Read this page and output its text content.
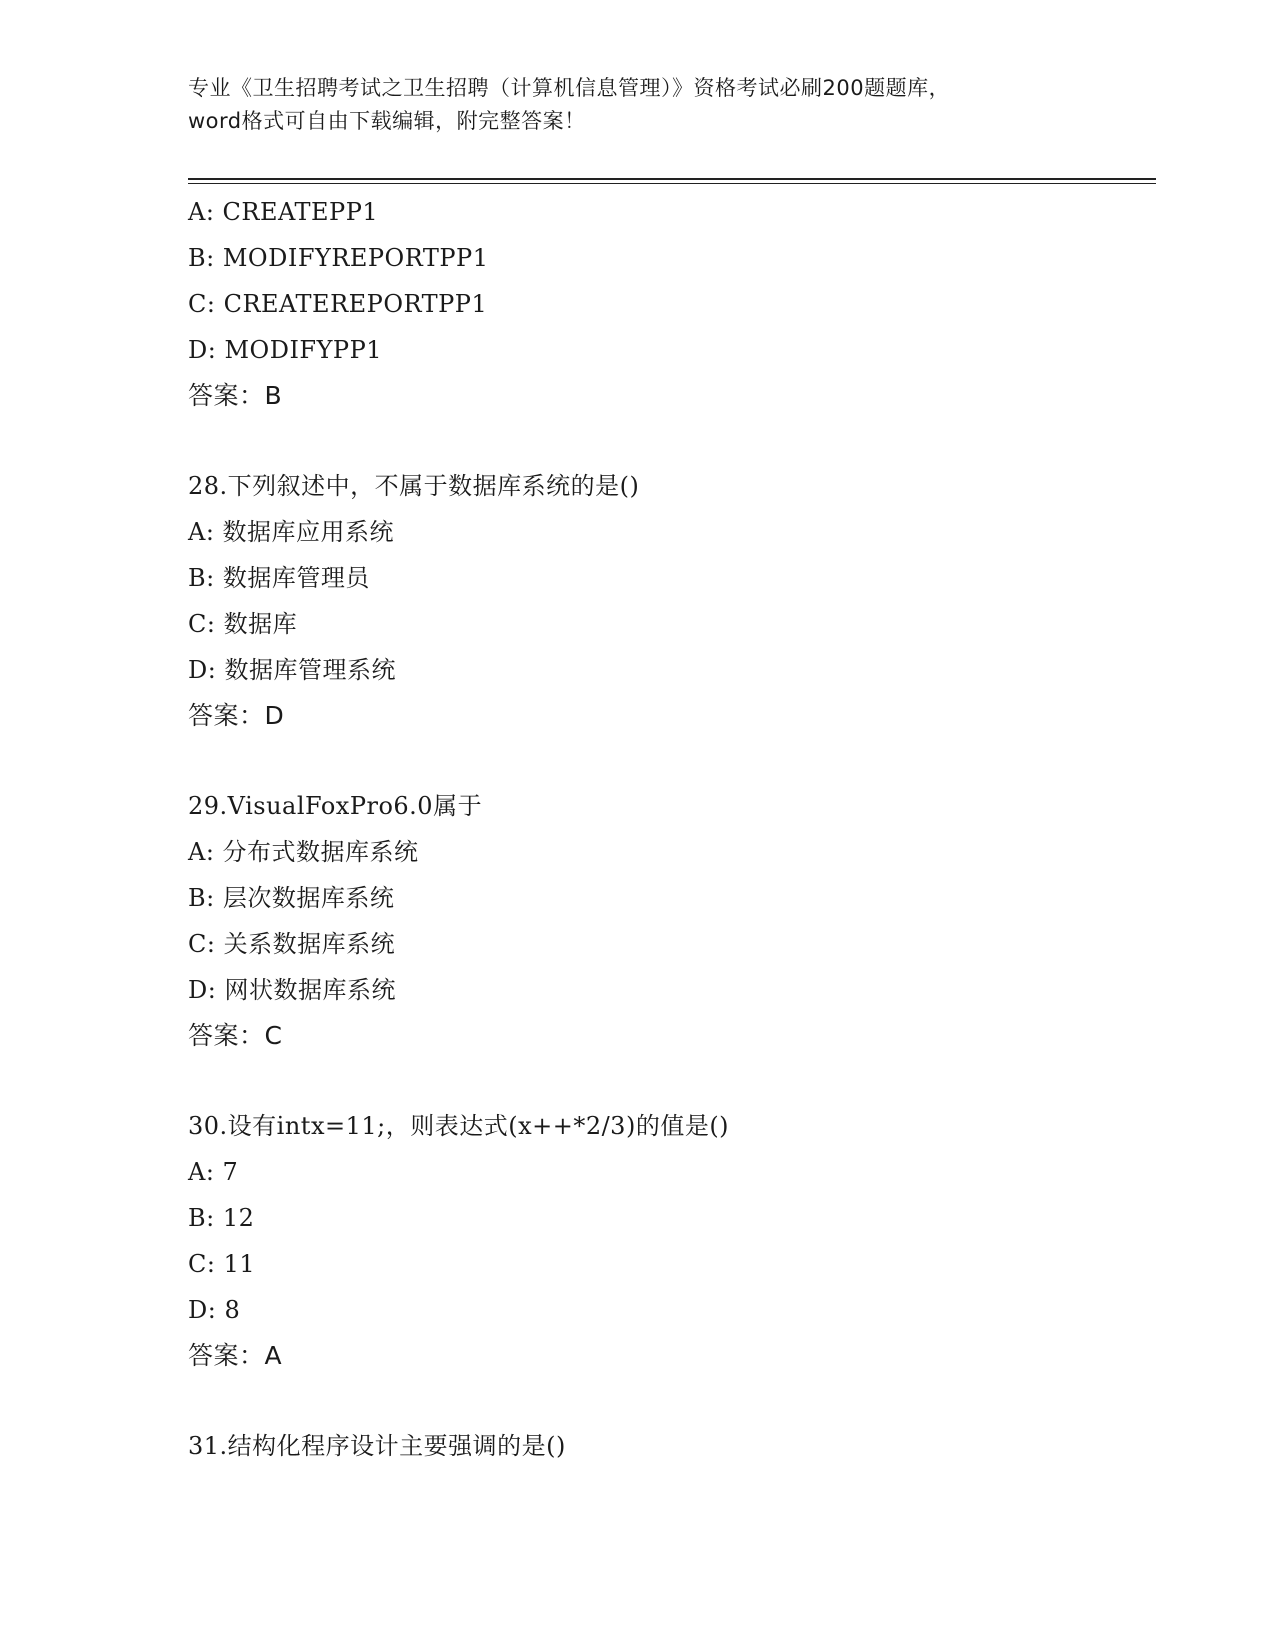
专业《卫生招聘考试之卫生招聘（计算机信息管理）》资格考试必刷200题题库，
word格式可自由下载编辑，附完整答案！
A: CREATEPP1
B: MODIFYREPORTPP1
C: CREATEREPORTPP1
D: MODIFYPP1
答案：B
28.下列叙述中，不属于数据库系统的是()
A: 数据库应用系统
B: 数据库管理员
C: 数据库
D: 数据库管理系统
答案：D
29.VisualFoxPro6.0属于
A: 分布式数据库系统
B: 层次数据库系统
C: 关系数据库系统
D: 网状数据库系统
答案：C
30.设有intx=11;，则表达式(x++*2/3)的值是()
A: 7
B: 12
C: 11
D: 8
答案：A
31.结构化程序设计主要强调的是()
